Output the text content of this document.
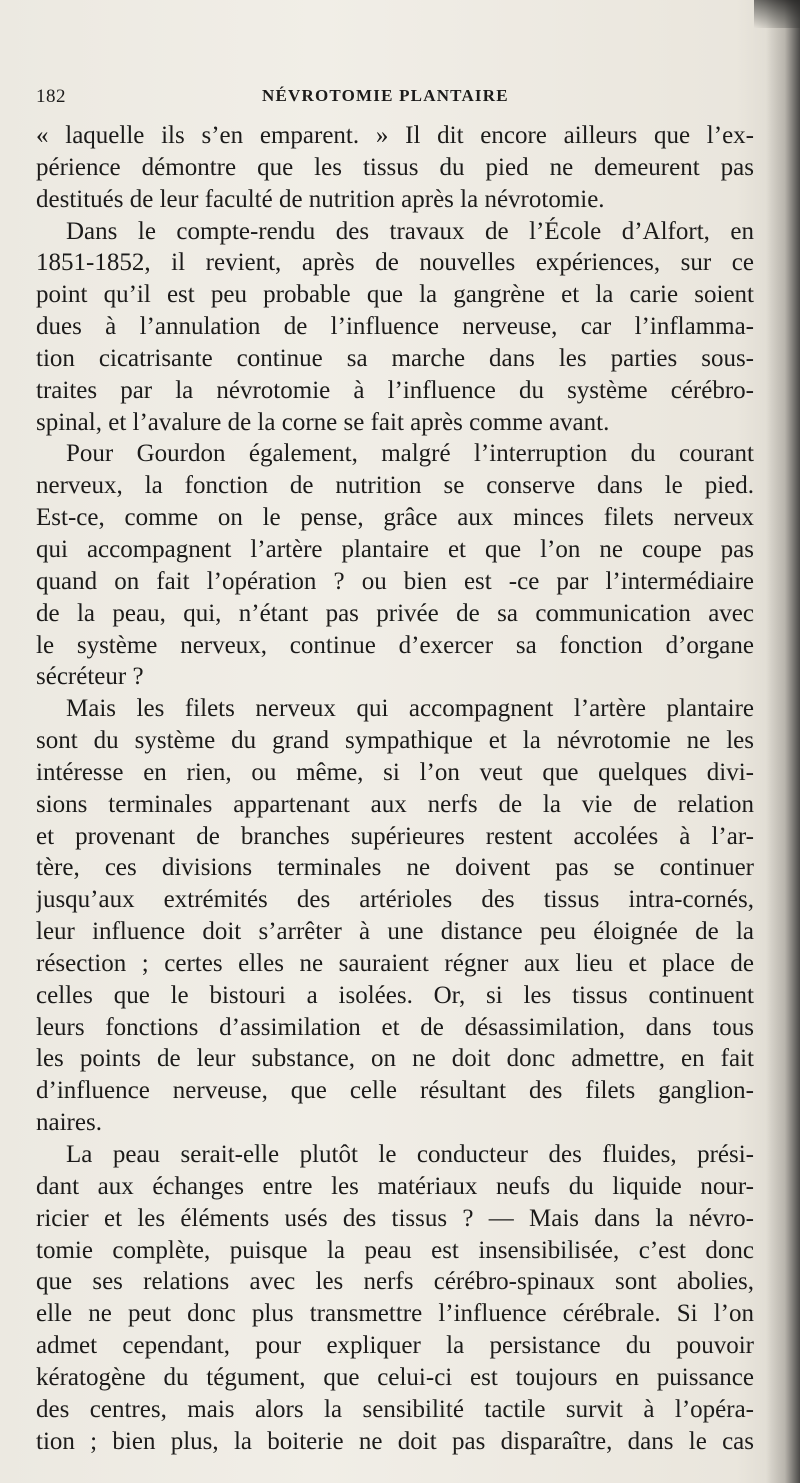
182	NÉVROTOMIE PLANTAIRE
« laquelle ils s’en emparent. » Il dit encore ailleurs que l’ex-
périence démontre que les tissus du pied ne demeurent pas
destitués de leur faculté de nutrition après la névrotomie.
Dans le compte-rendu des travaux de l’École d’Alfort, en
1851-1852, il revient, après de nouvelles expériences, sur ce
point qu’il est peu probable que la gangrène et la carie soient
dues à l’annulation de l’influence nerveuse, car l’inflamma-
tion cicatrisante continue sa marche dans les parties sous-
traites par la névrotomie à l’influence du système cérébro-
spinal, et l’avalure de la corne se fait après comme avant.
Pour Gourdon également, malgré l’interruption du courant
nerveux, la fonction de nutrition se conserve dans le pied.
Est-ce, comme on le pense, grâce aux minces filets nerveux
qui accompagnent l’artère plantaire et que l’on ne coupe pas
quand on fait l’opération ? ou bien est -ce par l’intermédiaire
de la peau, qui, n’étant pas privée de sa communication avec
le système nerveux, continue d’exercer sa fonction d’organe
sécréteur ?
Mais les filets nerveux qui accompagnent l’artère plantaire
sont du système du grand sympathique et la névrotomie ne les
intéresse en rien, ou même, si l’on veut que quelques divi-
sions terminales appartenant aux nerfs de la vie de relation
et provenant de branches supérieures restent accolées à l’ar-
tère, ces divisions terminales ne doivent pas se continuer
jusqu’aux extrémités des artérioles des tissus intra-cornés,
leur influence doit s’arrêter à une distance peu éloignée de la
résection ; certes elles ne sauraient régner aux lieu et place de
celles que le bistouri a isolées. Or, si les tissus continuent
leurs fonctions d’assimilation et de désassimilation, dans tous
les points de leur substance, on ne doit donc admettre, en fait
d’influence nerveuse, que celle résultant des filets ganglion-
naires.
La peau serait-elle plutôt le conducteur des fluides, prési-
dant aux échanges entre les matériaux neufs du liquide nour-
ricier et les éléments usés des tissus ? — Mais dans la névro-
tomie complète, puisque la peau est insensibilisée, c’est donc
que ses relations avec les nerfs cérébro-spinaux sont abolies,
elle ne peut donc plus transmettre l’influence cérébrale. Si l’on
admet cependant, pour expliquer la persistance du pouvoir
kératogène du tégument, que celui-ci est toujours en puissance
des centres, mais alors la sensibilité tactile survit à l’opéra-
tion ; bien plus, la boiterie ne doit pas disparaître, dans le cas
